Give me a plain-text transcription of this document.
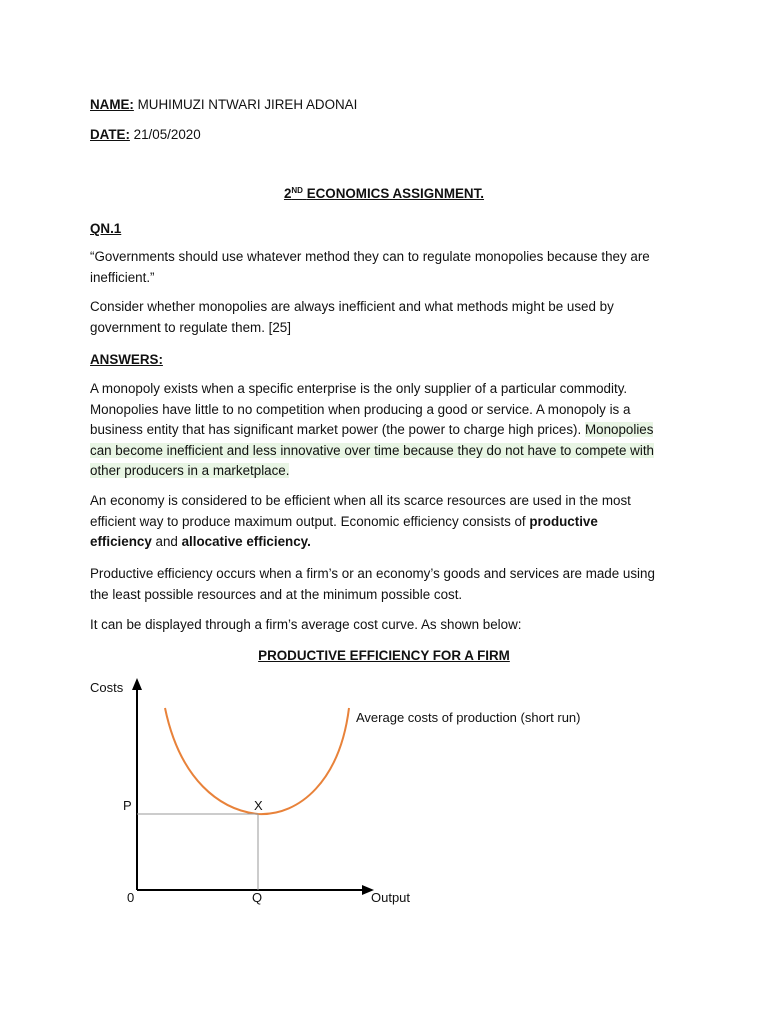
NAME: MUHIMUZI NTWARI JIREH ADONAI
DATE: 21/05/2020
2ND ECONOMICS ASSIGNMENT.
QN.1
“Governments should use whatever method they can to regulate monopolies because they are
inefficient.”
Consider whether monopolies are always inefficient and what methods might be used by
government to regulate them. [25]
ANSWERS:
A monopoly exists when a specific enterprise is the only supplier of a particular commodity.
Monopolies have little to no competition when producing a good or service. A monopoly is a
business entity that has significant market power (the power to charge high prices). Monopolies
can become inefficient and less innovative over time because they do not have to compete with
other producers in a marketplace.
An economy is considered to be efficient when all its scarce resources are used in the most
efficient way to produce maximum output. Economic efficiency consists of productive
efficiency and allocative efficiency.
Productive efficiency occurs when a firm’s or an economy’s goods and services are made using
the least possible resources and at the minimum possible cost.
It can be displayed through a firm’s average cost curve. As shown below:
PRODUCTIVE EFFICIENCY FOR A FIRM
Costs
Output
0
P
Q
X
Average costs of production (short run)
